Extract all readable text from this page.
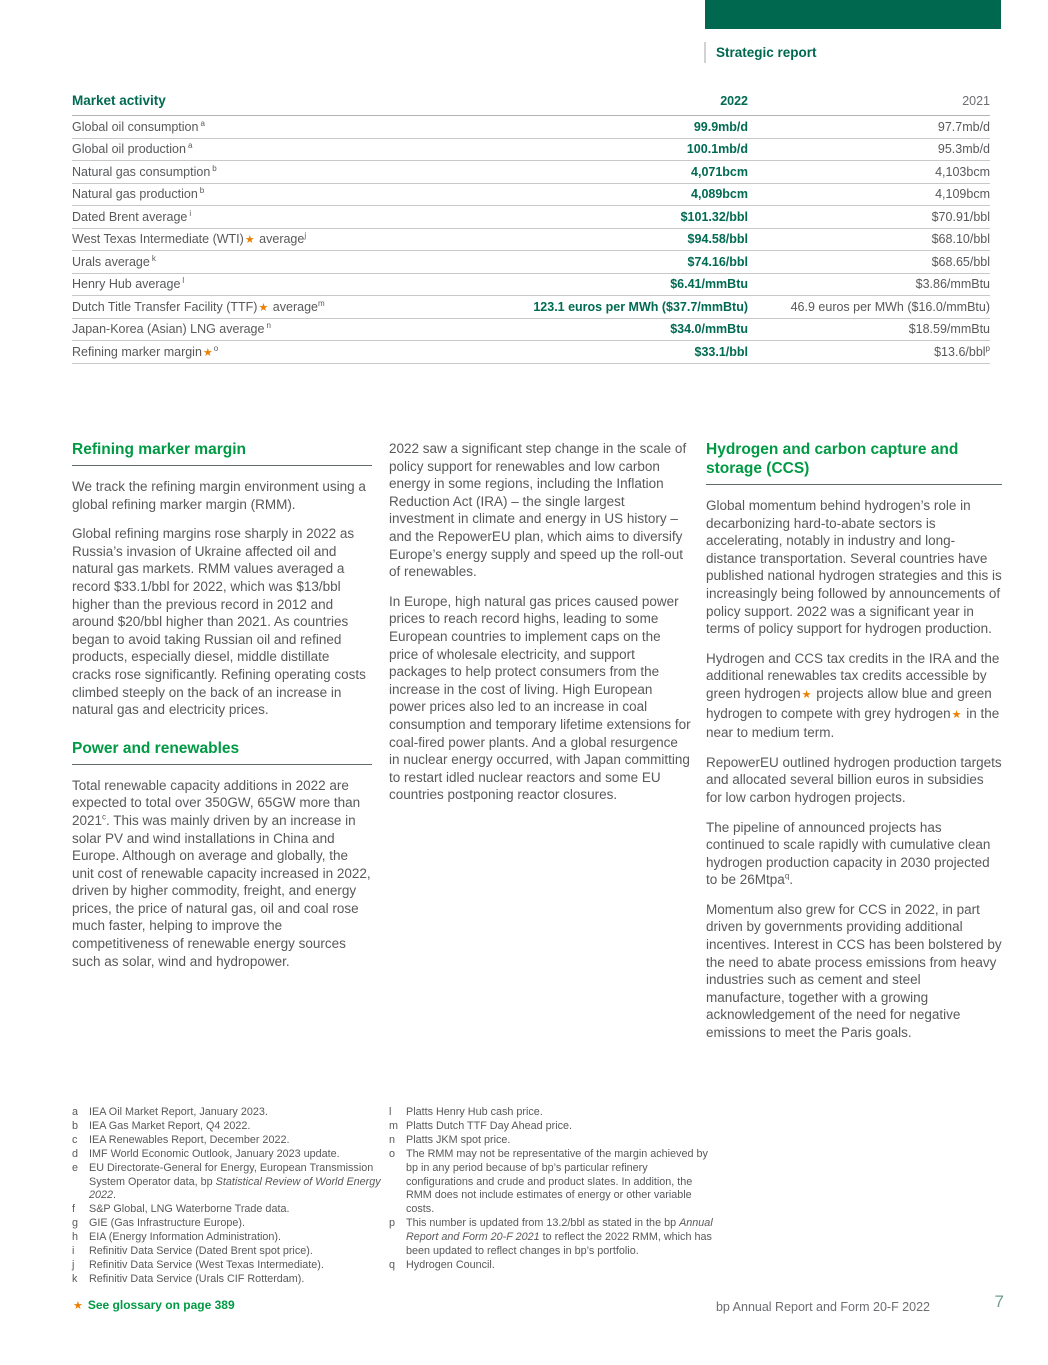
Strategic report
Market activity	2022	2021
Global oil consumption $^a$	99.9mb/d	97.7mb/d
Global oil production $^a$	100.1mb/d	95.3mb/d
Natural gas consumption $^b$	4,071bcm	4,103bcm
Natural gas production $^b$	4,089bcm	4,109bcm
Dated Brent average $^i$	$101.32/bbl	$70.91/bbl
West Texas Intermediate (WTI)★ average$^j$	$94.58/bbl	$68.10/bbl
Urals average $^k$	$74.16/bbl	$68.65/bbl
Henry Hub average $^l$	$6.41/mmBtu	$3.86/mmBtu
Dutch Title Transfer Facility (TTF)★ average$^m$	123.1 euros per MWh ($37.7/mmBtu)	46.9 euros per MWh ($16.0/mmBtu)
Japan-Korea (Asian) LNG average $^n$	$34.0/mmBtu	$18.59/mmBtu
Refining marker margin★$^o$	$33.1/bbl	$13.6/bbl$^p$
Refining marker margin

We track the refining margin environment using a global refining marker margin (RMM).

Global refining margins rose sharply in 2022 as Russia’s invasion of Ukraine affected oil and natural gas markets. RMM values averaged a record $33.1/bbl for 2022, which was $13/bbl higher than the previous record in 2012 and around $20/bbl higher than 2021. As countries began to avoid taking Russian oil and refined products, especially diesel, middle distillate cracks rose significantly. Refining operating costs climbed steeply on the back of an increase in natural gas and electricity prices.

Power and renewables

Total renewable capacity additions in 2022 are expected to total over 350GW, 65GW more than 2021$^c$. This was mainly driven by an increase in solar PV and wind installations in China and Europe. Although on average and globally, the unit cost of renewable capacity increased in 2022, driven by higher commodity, freight, and energy prices, the price of natural gas, oil and coal rose much faster, helping to improve the competitiveness of renewable energy sources such as solar, wind and hydropower.

2022 saw a significant step change in the scale of policy support for renewables and low carbon energy in some regions, including the Inflation Reduction Act (IRA) – the single largest investment in climate and energy in US history – and the RepowerEU plan, which aims to diversify Europe’s energy supply and speed up the roll-out of renewables.

In Europe, high natural gas prices caused power prices to reach record highs, leading to some European countries to implement caps on the price of wholesale electricity, and support packages to help protect consumers from the increase in the cost of living. High European power prices also led to an increase in coal consumption and temporary lifetime extensions for coal-fired power plants. And a global resurgence in nuclear energy occurred, with Japan committing to restart idled nuclear reactors and some EU countries postponing reactor closures.

Hydrogen and carbon capture and storage (CCS)

Global momentum behind hydrogen’s role in decarbonizing hard-to-abate sectors is accelerating, notably in industry and long-distance transportation. Several countries have published national hydrogen strategies and this is increasingly being followed by announcements of policy support. 2022 was a significant year in terms of policy support for hydrogen production.

Hydrogen and CCS tax credits in the IRA and the additional renewables tax credits accessible by green hydrogen★ projects allow blue and green hydrogen to compete with grey hydrogen★ in the near to medium term.

RepowerEU outlined hydrogen production targets and allocated several billion euros in subsidies for low carbon hydrogen projects.

The pipeline of announced projects has continued to scale rapidly with cumulative clean hydrogen production capacity in 2030 projected to be 26Mtpa$^q$.

Momentum also grew for CCS in 2022, in part driven by governments providing additional incentives. Interest in CCS has been bolstered by the need to abate process emissions from heavy industries such as cement and steel manufacture, together with a growing acknowledgement of the need for negative emissions to meet the Paris goals.

a	IEA Oil Market Report, January 2023.
b	IEA Gas Market Report, Q4 2022.
c	IEA Renewables Report, December 2022.
d	IMF World Economic Outlook, January 2023 update.
e	EU Directorate-General for Energy, European Transmission System Operator data, bp Statistical Review of World Energy 2022.
f	S&P Global, LNG Waterborne Trade data.
g	GIE (Gas Infrastructure Europe).
h	EIA (Energy Information Administration).
i	Refinitiv Data Service (Dated Brent spot price).
j	Refinitiv Data Service (West Texas Intermediate).
k	Refinitiv Data Service (Urals CIF Rotterdam).
l	Platts Henry Hub cash price.
m Platts Dutch TTF Day Ahead price.
n	Platts JKM spot price.
o	The RMM may not be representative of the margin achieved by bp in any period because of bp’s particular refinery configurations and crude and product slates. In addition, the RMM does not include estimates of energy or other variable costs.
p	This number is updated from 13.2/bbl as stated in the bp Annual Report and Form 20-F 2021 to reflect the 2022 RMM, which has been updated to reflect changes in bp’s portfolio.
q	Hydrogen Council.
★ See glossary on page 389	bp Annual Report and Form 20-F 2022	7
